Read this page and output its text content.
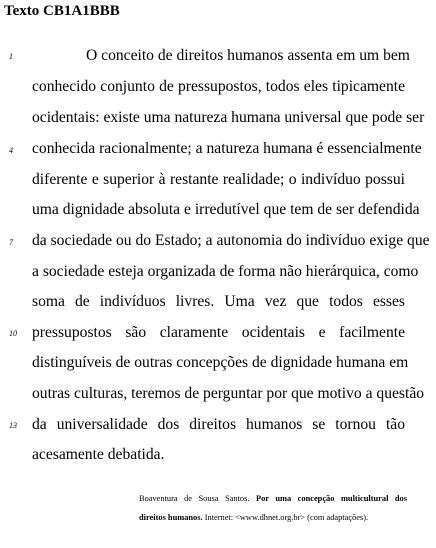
Texto CB1A1BBB
1
4
7
10
13
O conceito de direitos humanos assenta em um bem
conhecido conjunto de pressupostos, todos eles tipicamente
ocidentais: existe uma natureza humana universal que pode ser
conhecida racionalmente; a natureza humana é essencialmente
diferente e superior à restante realidade; o indivíduo possui
uma dignidade absoluta e irredutível que tem de ser defendida
da sociedade ou do Estado; a autonomia do indivíduo exige que
a sociedade esteja organizada de forma não hierárquica, como
soma de indivíduos livres. Uma vez que todos esses
pressupostos são claramente ocidentais e facilmente
distinguíveis de outras concepções de dignidade humana em
outras culturas, teremos de perguntar por que motivo a questão
da universalidade dos direitos humanos se tornou tão
acesamente debatida.
Boaventura de Sousa Santos. Por uma concepção multicultural dos
direitos humanos. Internet: <www.dhnet.org.br> (com adaptações).
